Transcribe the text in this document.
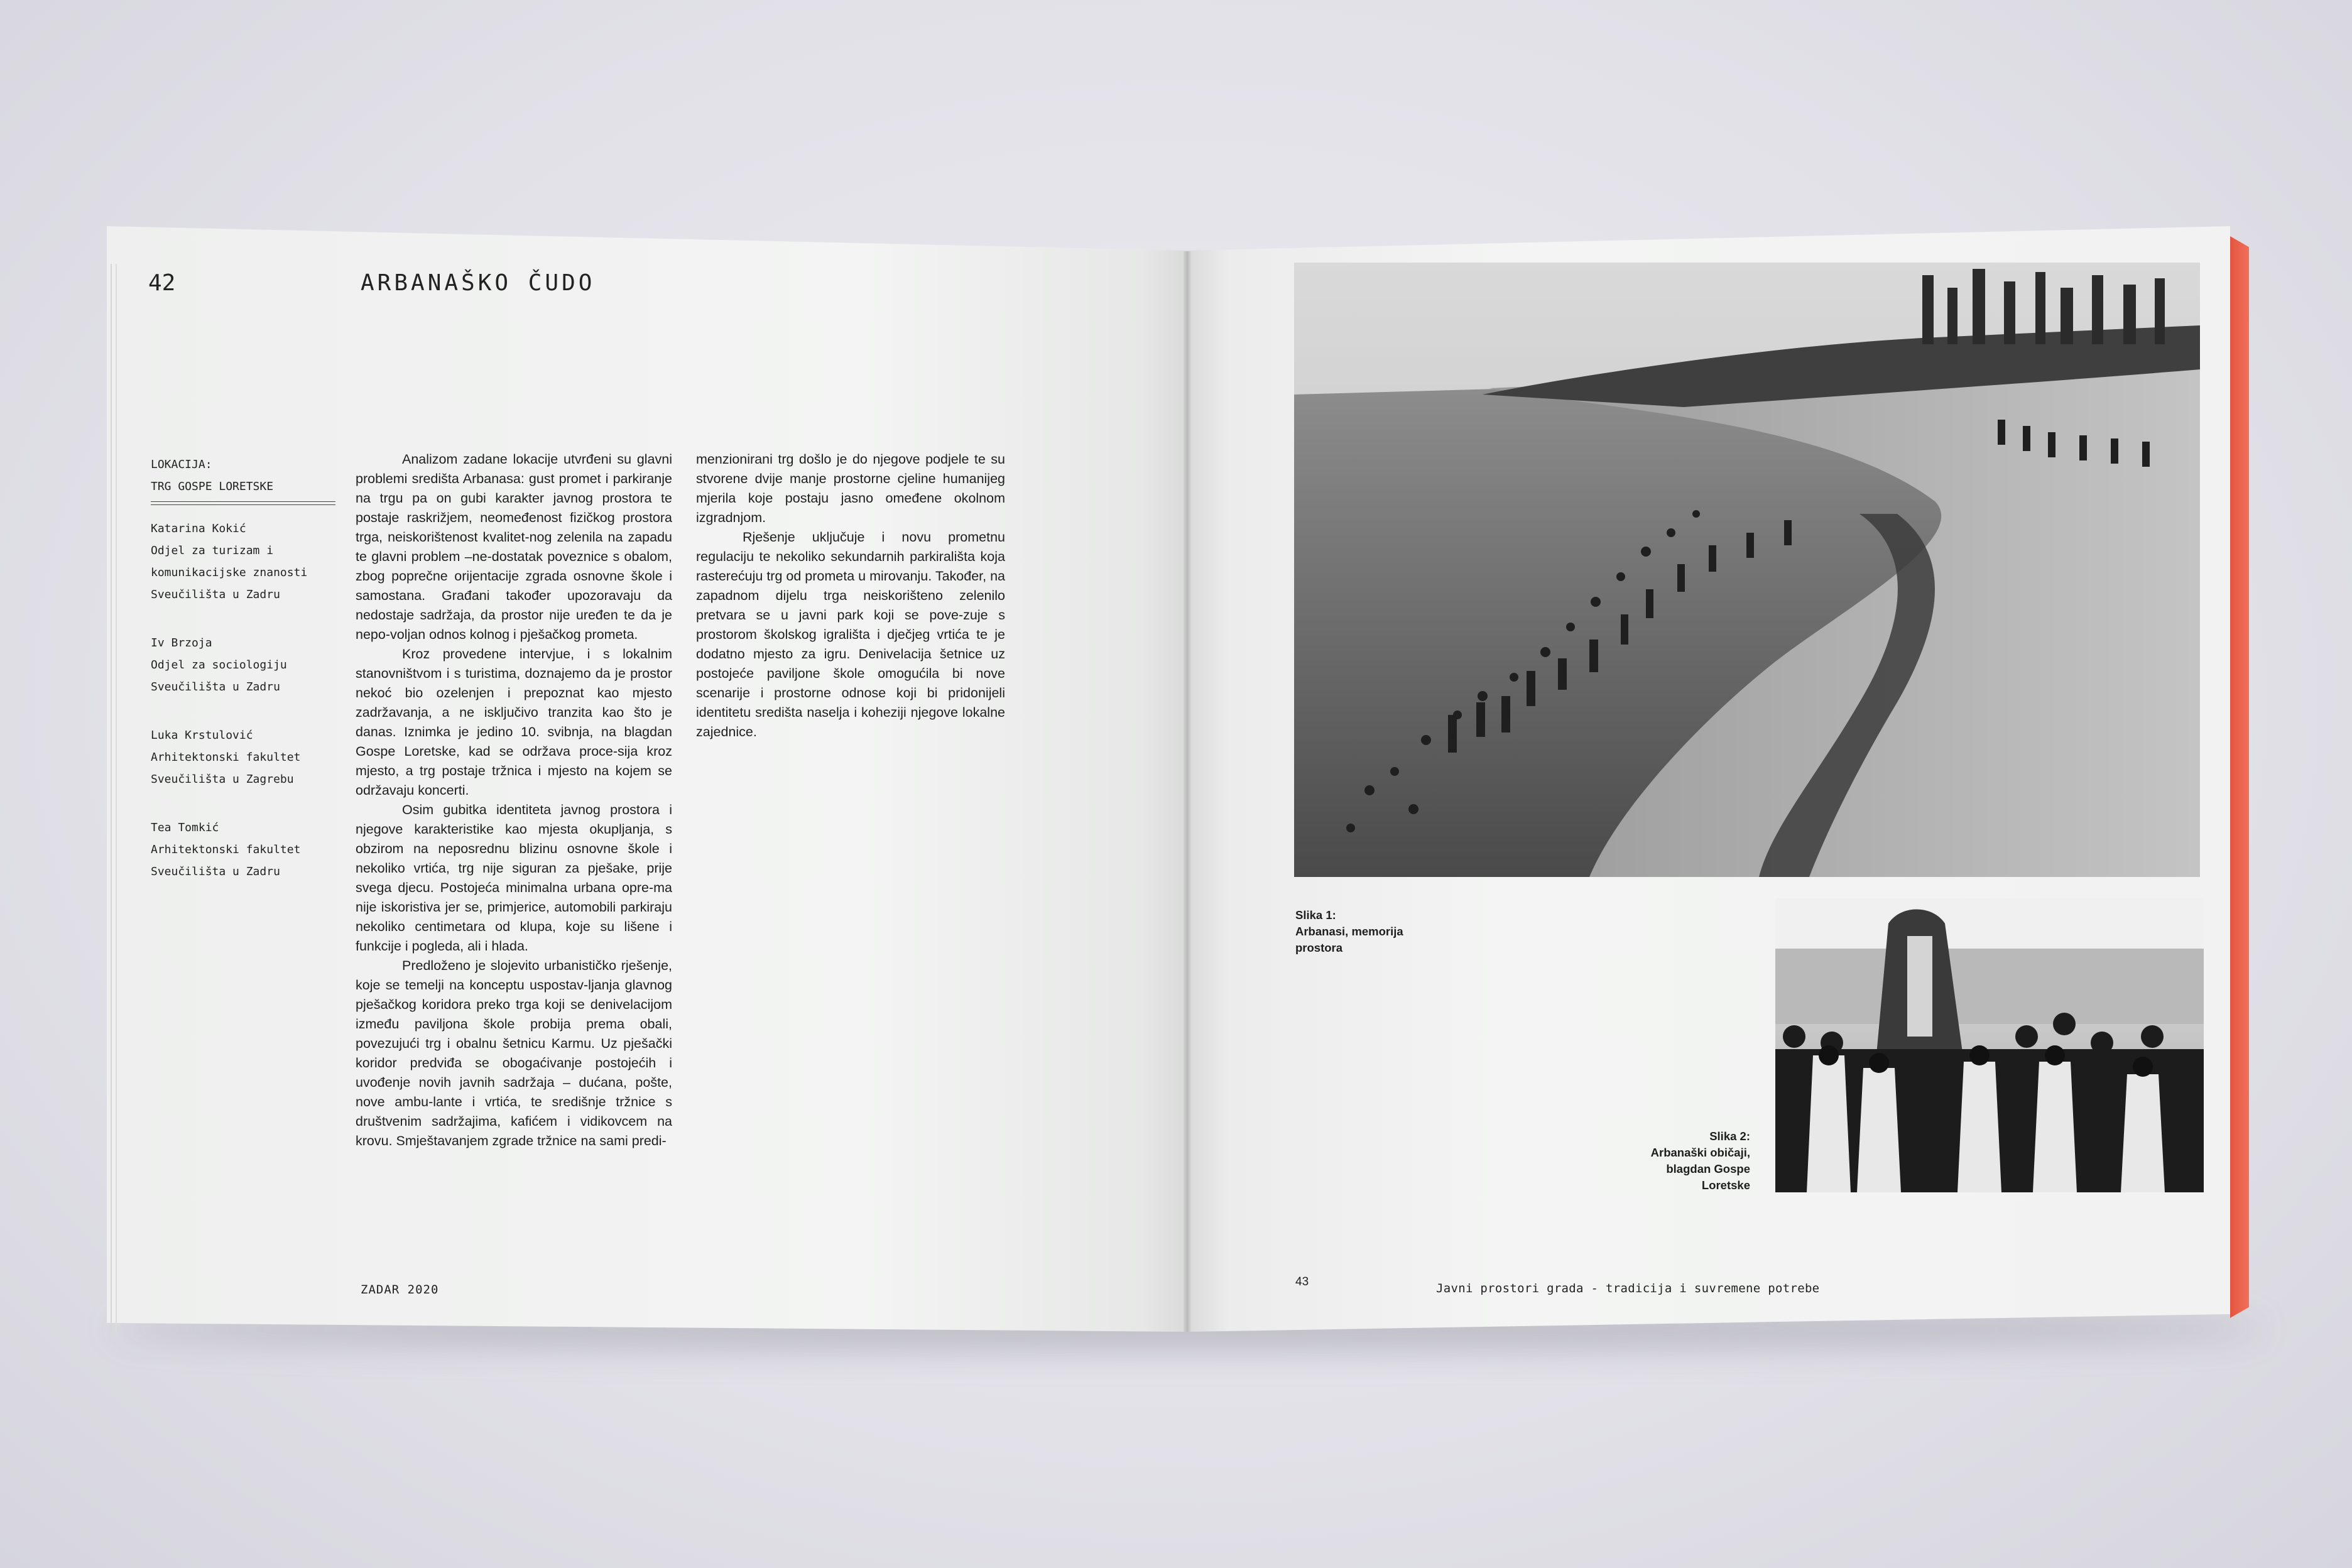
42	ARBANAŠKO ČUDO
LOKACIJA:
TRG GOSPE LORETSKE
Katarina Kokić
Odjel za turizam i
komunikacijske znanosti
Sveučilišta u Zadru
Iv Brzoja
Odjel za sociologiju
Sveučilišta u Zadru
Luka Krstulović
Arhitektonski fakultet
Sveučilišta u Zagrebu
Tea Tomkić
Arhitektonski fakultet
Sveučilišta u Zadru

Analizom zadane lokacije utvrđeni su glavni problemi središta Arbanasa: gust promet i parkiranje na trgu pa on gubi karakter javnog prostora te postaje raskrižjem, neomeđenost fizičkog prostora trga, neiskorištenost kvalitet-nog zelenila na zapadu te glavni problem –ne-dostatak poveznice s obalom, zbog poprečne orijentacije zgrada osnovne škole i samostana. Građani također upozoravaju da nedostaje sadržaja, da prostor nije uređen te da je nepo-voljan odnos kolnog i pješačkog prometa.

Kroz provedene intervjue, i s lokalnim stanovništvom i s turistima, doznajemo da je prostor nekoć bio ozelenjen i prepoznat kao mjesto zadržavanja, a ne isključivo tranzita kao što je danas. Iznimka je jedino 10. svibnja, na blagdan Gospe Loretske, kad se održava proce-sija kroz mjesto, a trg postaje tržnica i mjesto na kojem se održavaju koncerti.

Osim gubitka identiteta javnog prostora i njegove karakteristike kao mjesta okupljanja, s obzirom na neposrednu blizinu osnovne škole i nekoliko vrtića, trg nije siguran za pješake, prije svega djecu. Postojeća minimalna urbana opre-ma nije iskoristiva jer se, primjerice, automobili parkiraju nekoliko centimetara od klupa, koje su lišene i funkcije i pogleda, ali i hlada.

Predloženo je slojevito urbanističko rješenje, koje se temelji na konceptu uspostav-ljanja glavnog pješačkog koridora preko trga koji se denivelacijom između paviljona škole probija prema obali, povezujući trg i obalnu šetnicu Karmu. Uz pješački koridor predviđa se obogaćivanje postojećih i uvođenje novih javnih sadržaja – dućana, pošte, nove ambu-lante i vrtića, te središnje tržnice s društvenim sadržajima, kafićem i vidikovcem na krovu. Smještavanjem zgrade tržnice na sami predi-

menzionirani trg došlo je do njegove podjele te su stvorene dvije manje prostorne cjeline humanijeg mjerila koje postaju jasno omeđene okolnom izgradnjom.

Rješenje uključuje i novu prometnu regulaciju te nekoliko sekundarnih parkirališta koja rasterećuju trg od prometa u mirovanju. Također, na zapadnom dijelu trga neiskorišteno zelenilo pretvara se u javni park koji se pove-zuje s prostorom školskog igrališta i dječjeg vrtića te je dodatno mjesto za igru. Denivelacija šetnice uz postojeće paviljone škole omogućila bi nove scenarije i prostorne odnose koji bi pridonijeli identitetu središta naselja i koheziji njegove lokalne zajednice.

ZADAR 2020
Slika 1:
Arbanasi, memorija
prostora
Slika 2:
Arbanaški običaji,
blagdan Gospe
Loretske
43	Javni prostori grada - tradicija i suvremene potrebe
